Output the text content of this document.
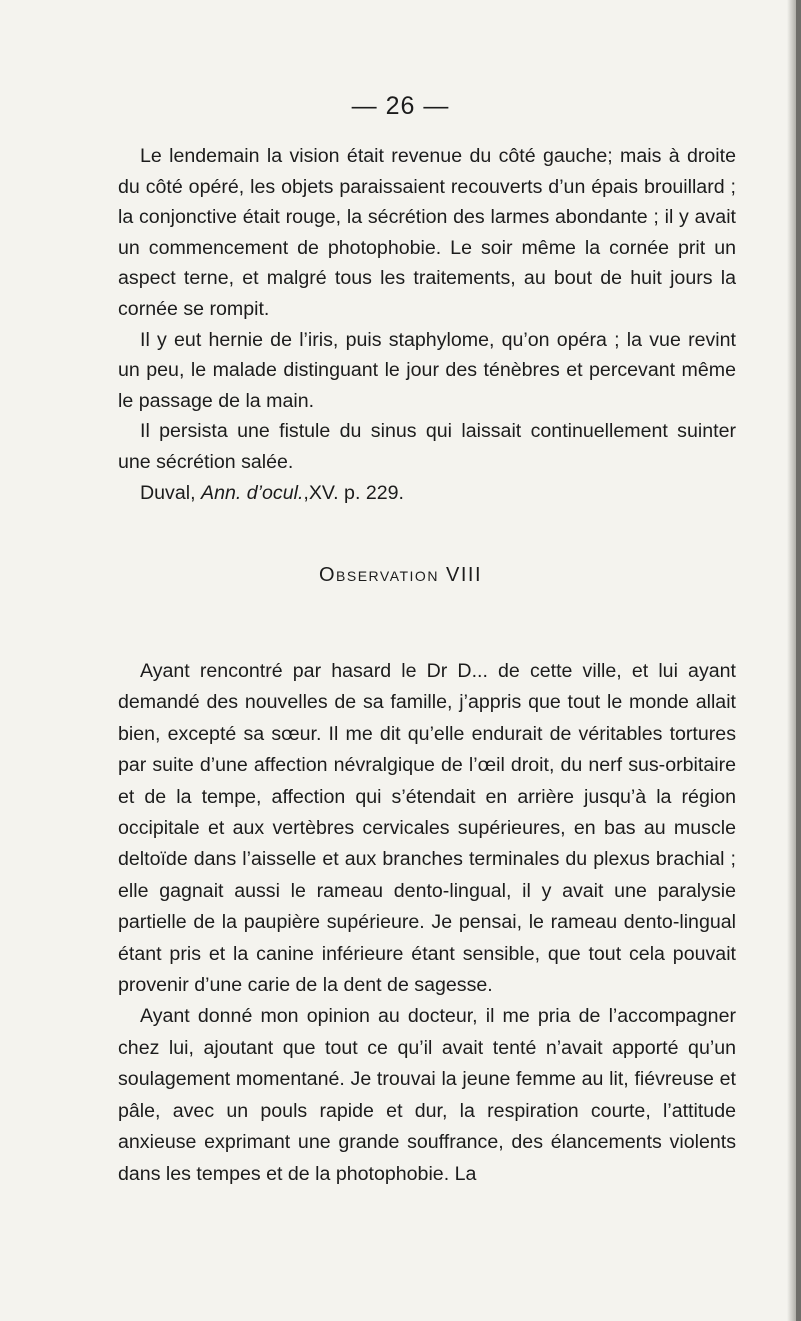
— 26 —

Le lendemain la vision était revenue du côté gauche; mais à droite du côté opéré, les objets paraissaient recouverts d’un épais brouillard ; la conjonctive était rouge, la sécrétion des larmes abondante ; il y avait un commencement de photophobie. Le soir même la cornée prit un aspect terne, et malgré tous les traitements, au bout de huit jours la cornée se rompit.

Il y eut hernie de l’iris, puis staphylome, qu’on opéra ; la vue revint un peu, le malade distinguant le jour des ténèbres et percevant même le passage de la main.

Il persista une fistule du sinus qui laissait continuellement suinter une sécrétion salée.

Duval, Ann. d’ocul.,XV. p. 229.

Observation VIII

Ayant rencontré par hasard le Dr D... de cette ville, et lui ayant demandé des nouvelles de sa famille, j’appris que tout le monde allait bien, excepté sa sœur. Il me dit qu’elle endurait de véritables tortures par suite d’une affection névralgique de l’œil droit, du nerf sus-orbitaire et de la tempe, affection qui s’étendait en arrière jusqu’à la région occipitale et aux vertèbres cervicales supérieures, en bas au muscle deltoïde dans l’aisselle et aux branches terminales du plexus brachial ; elle gagnait aussi le rameau dento-lingual, il y avait une paralysie partielle de la paupière supérieure. Je pensai, le rameau dento-lingual étant pris et la canine inférieure étant sensible, que tout cela pouvait provenir d’une carie de la dent de sagesse.

Ayant donné mon opinion au docteur, il me pria de l’accompagner chez lui, ajoutant que tout ce qu’il avait tenté n’avait apporté qu’un soulagement momentané. Je trouvai la jeune femme au lit, fiévreuse et pâle, avec un pouls rapide et dur, la respiration courte, l’attitude anxieuse exprimant une grande souffrance, des élancements violents dans les tempes et de la photophobie. La
